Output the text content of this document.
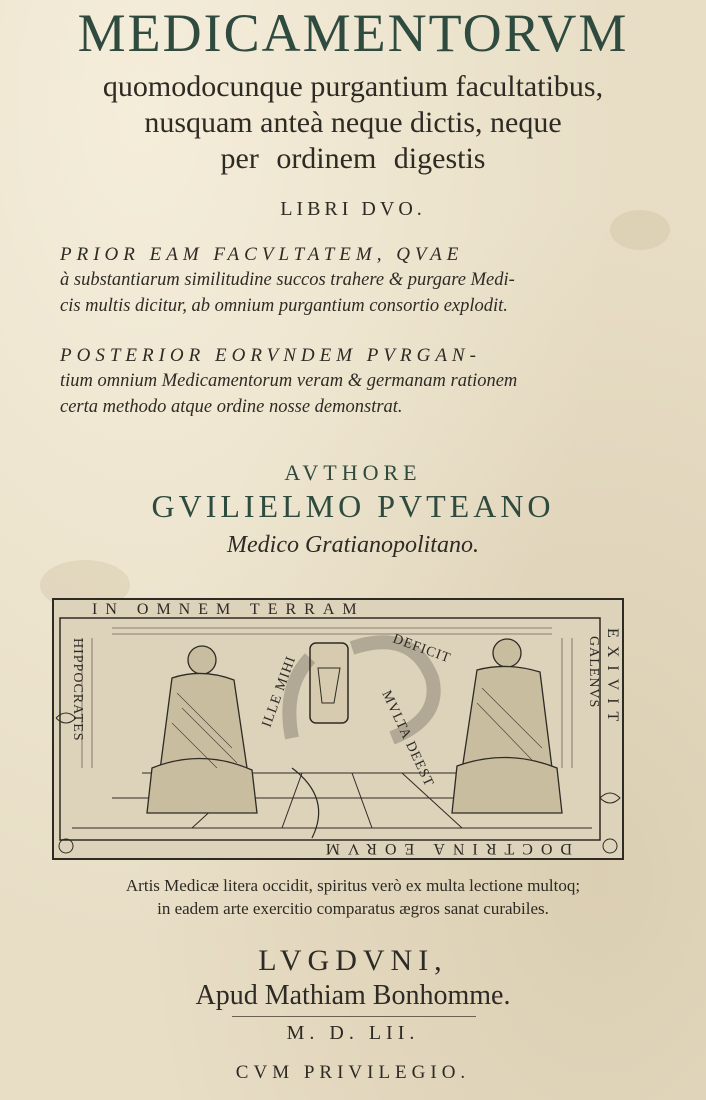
MEDICAMENTORVM
quomodocunque purgantium facultatibus,
nusquam anteà neque dictis, neque
per ordinem digestis
LIBRI DVO.
PRIOR EAM FACVLTATEM, QVAE
à substantiarum similitudine succos trahere & purgare Medi-
cis multis dicitur, ab omnium purgantium consortio explodit.
POSTERIOR EORVNDEM PVRGAN-
tium omnium Medicamentorum veram & germanam rationem
certa methodo atque ordine nosse demonstrat.
AVTHORE
GVILIELMO PVTEANO
Medico Gratianopolitano.
ILLE MIHI
DEFICIT
MVLTA DEEST
HIPPOCRATES	GALENVS
IN OMNEM TERRAM
EXIVIT
DOCTRINA EORVM
Artis Medicæ litera occidit, spiritus verò ex multa lectione multoq;
in eadem arte exercitio comparatus ægros sanat curabiles.
LVGDVNI,
Apud Mathiam Bonhomme.
M. D. LII.
CVM PRIVILEGIO.
